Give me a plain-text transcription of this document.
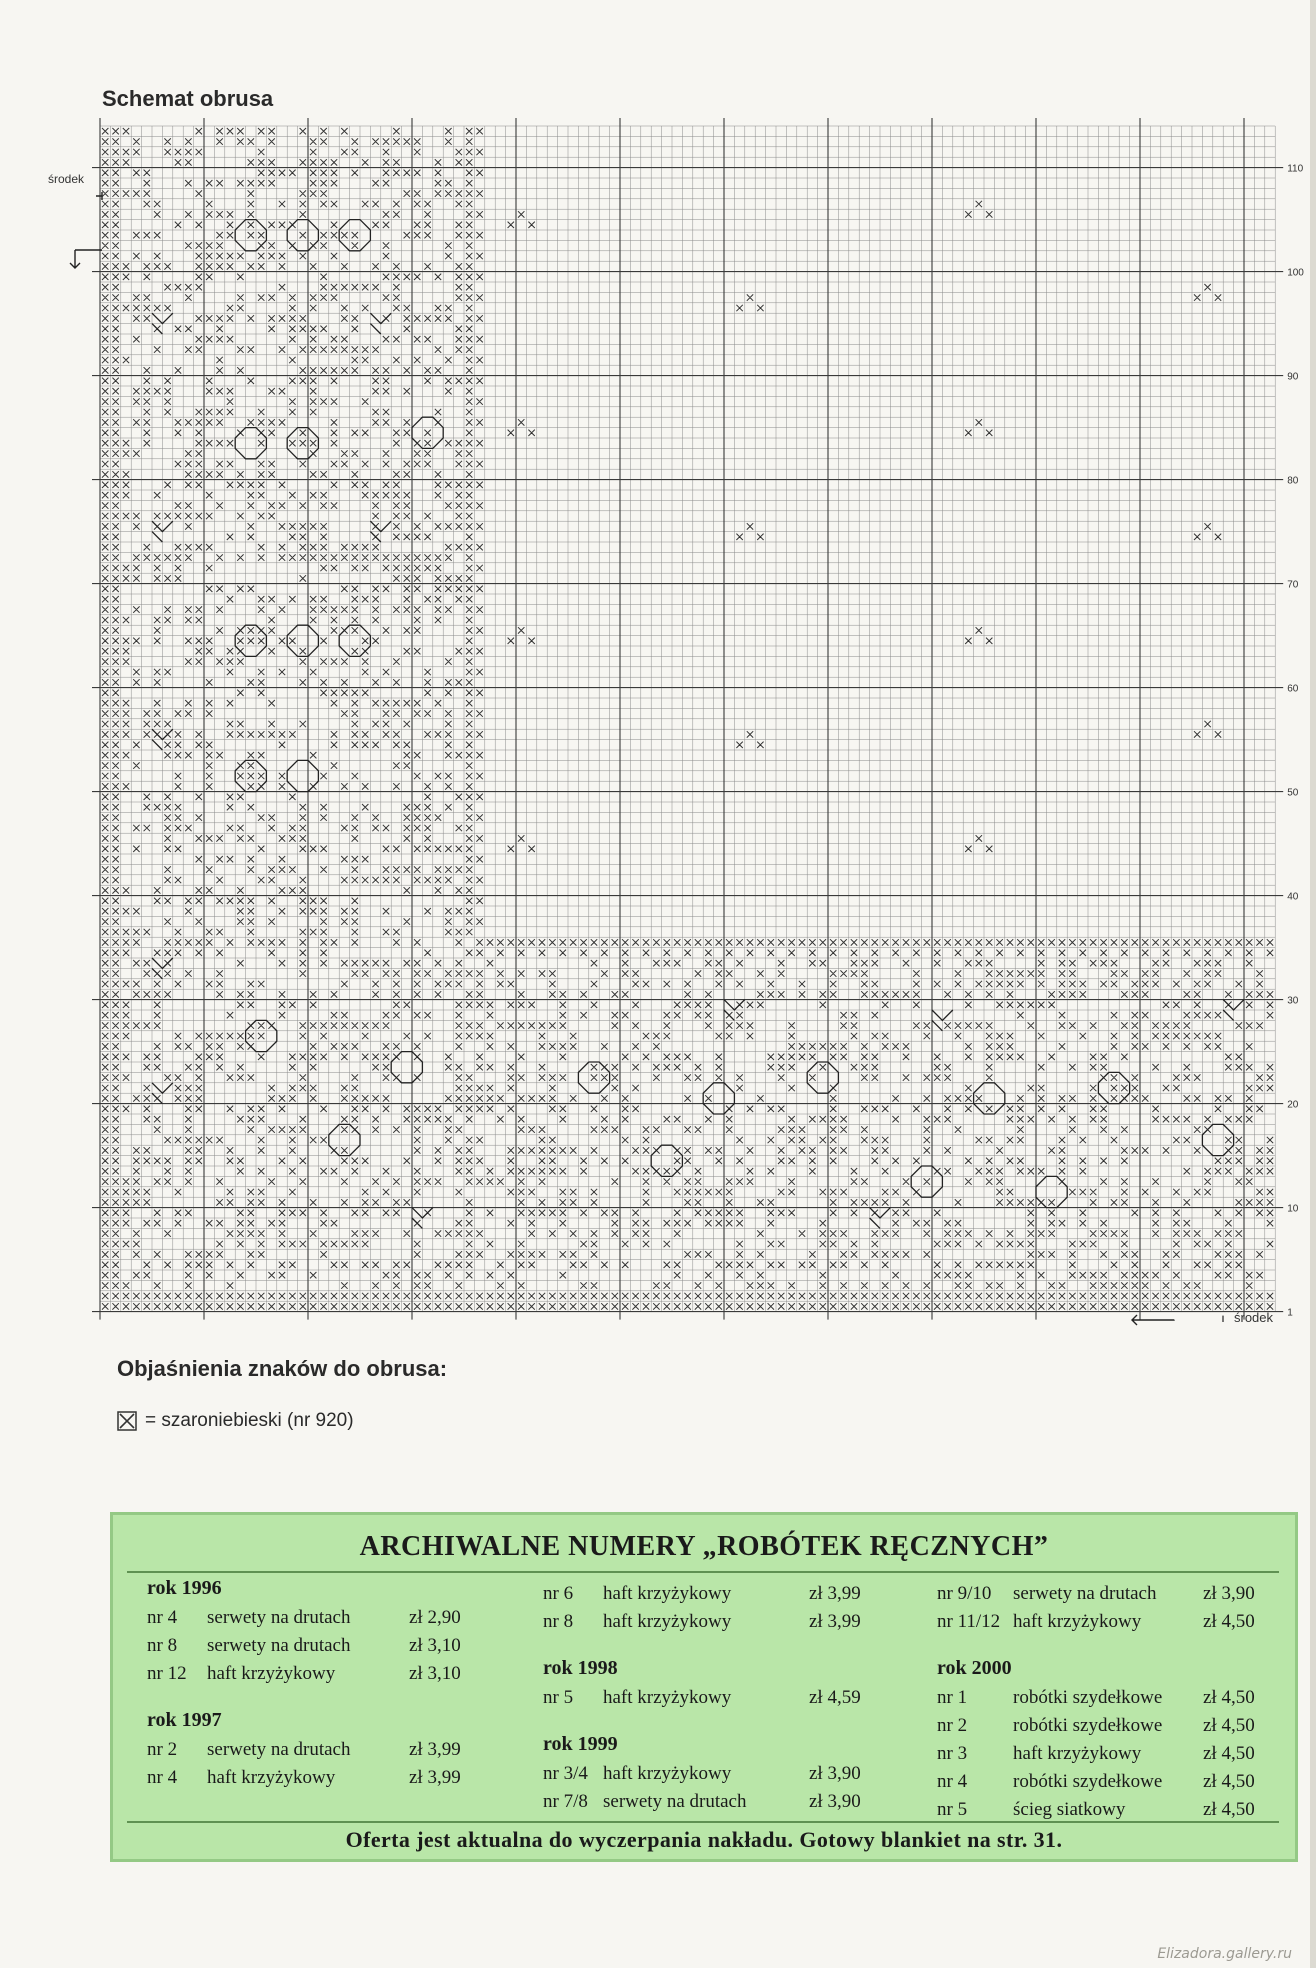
Schemat obrusa
110
100
90
80
70
60
50
40
30
20
10
1
środek
środek
Objaśnienia znaków do obrusa:
= szaroniebieski (nr 920)
ARCHIWALNE NUMERY „ROBÓTEK RĘCZNYCH”
rok 1996
nr 4 serwety na drutach	zł 2,90
nr 8 serwety na drutach	zł 3,10
nr 12 haft krzyżykowy	zł 3,10
rok 1997
nr 2 serwety na drutach	zł 3,99
nr 4 haft krzyżykowy	zł 3,99
nr 6 haft krzyżykowy	zł 3,99
nr 8 haft krzyżykowy	zł 3,99
rok 1998
nr 5 haft krzyżykowy	zł 4,59
rok 1999
nr 3/4 haft krzyżykowy	zł 3,90
nr 7/8 serwety na drutach	zł 3,90
nr 9/10 serwety na drutach zł 3,90
nr 11/12 haft krzyżykowy	zł 4,50
rok 2000
nr 1 robótki szydełkowe zł 4,50
nr 2 robótki szydełkowe zł 4,50
nr 3 haft krzyżykowy	zł 4,50
nr 4 robótki szydełkowe zł 4,50
nr 5 ścieg siatkowy	zł 4,50
Oferta jest aktualna do wyczerpania nakładu. Gotowy blankiet na str. 31.
Elizadora.gallery.ru
